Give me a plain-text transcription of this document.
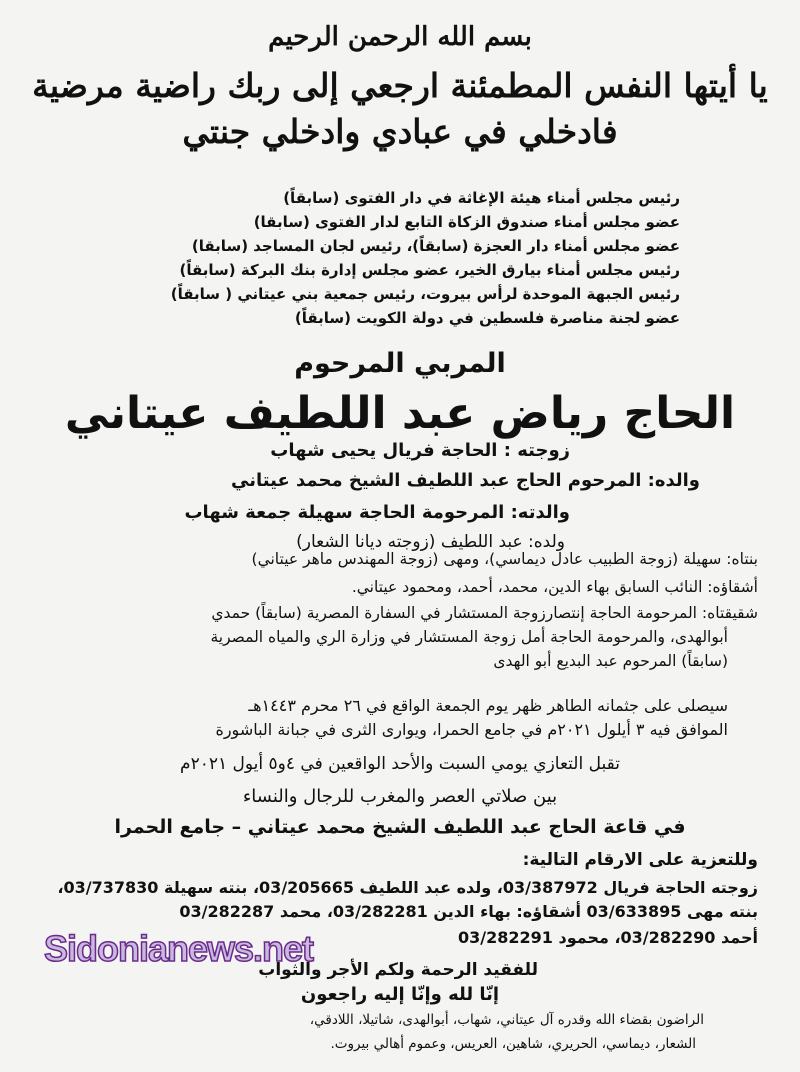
بسم الله الرحمن الرحيم
يا أيتها النفس المطمئنة ارجعي إلى ربك راضية مرضية
فادخلي في عبادي وادخلي جنتي
رئيس مجلس أمناء هيئة الإغاثة في دار الفتوى (سابقاً)
عضو مجلس أمناء صندوق الزكاة التابع لدار الفتوى (سابقا)
عضو مجلس أمناء دار العجزة (سابقاً)، رئيس لجان المساجد (سابقا)
رئيس مجلس أمناء بيارق الخير، عضو مجلس إدارة بنك البركة (سابقاً)
رئيس الجبهة الموحدة لرأس بيروت، رئيس جمعية بني عيتاني ( سابقاً)
عضو لجنة مناصرة فلسطين في دولة الكويت (سابقاً)
المربي المرحوم
الحاج رياض عبد اللطيف عيتاني
زوجته : الحاجة فريال يحيى شهاب
والده: المرحوم الحاج عبد اللطيف الشيخ محمد عيتاني
والدته: المرحومة الحاجة سهيلة جمعة شهاب
ولده: عبد اللطيف (زوجته ديانا الشعار)
بنتاه: سهيلة (زوجة الطبيب عادل ديماسي)، ومهى (زوجة المهندس ماهر عيتاني)
أشقاؤه: النائب السابق بهاء الدين، محمد، أحمد، ومحمود عيتاني.
شقيقتاه: المرحومة الحاجة إنتصارزوجة المستشار في السفارة المصرية (سابقاً) حمدي
أبوالهدى، والمرحومة الحاجة أمل زوجة المستشار في وزارة الري والمياه المصرية
(سابقاً) المرحوم عبد البديع أبو الهدى
سيصلى على جثمانه الطاهر ظهر يوم الجمعة الواقع في ٢٦ محرم ١٤٤٣هـ
الموافق فيه ٣ أيلول ٢٠٢١م في جامع الحمرا، ويوارى الثرى في جبانة الباشورة
تقبل التعازي يومي السبت والأحد الواقعين في ٤و٥ أيول ٢٠٢١م
بين صلاتي العصر والمغرب للرجال والنساء
في قاعة الحاج عبد اللطيف الشيخ محمد عيتاني – جامع الحمرا
وللتعزية على الارقام التالية:
زوجته الحاجة فريال 03/387972، ولده عبد اللطيف 03/205665، بنته سهيلة 03/737830،
بنته مهى 03/633895 أشقاؤه: بهاء الدين 03/282281، محمد 03/282287
أحمد 03/282290، محمود 03/282291
للفقيد الرحمة ولكم الأجر والثواب
إنّا لله وإنّا إليه راجعون
الراضون بقضاء الله وقدره آل عيتاني، شهاب، أبوالهدى، شاتيلا، اللادقي،
الشعار، ديماسي، الحريري، شاهين، العريس، وعموم أهالي بيروت.
Sidonianews.net
